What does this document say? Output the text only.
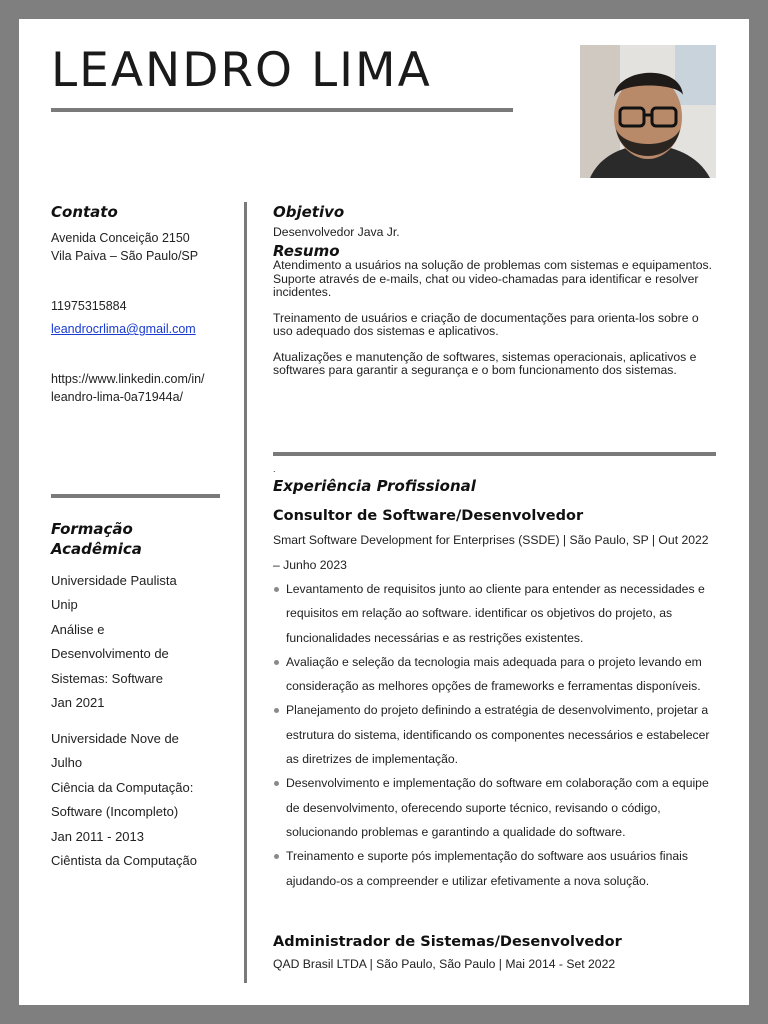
LEANDRO LIMA
Contato
Avenida Conceição 2150
Vila Paiva – São Paulo/SP
11975315884
leandrocrlima@gmail.com
https://www.linkedin.com/in/
leandro-lima-0a71944a/
Formação
Acadêmica
Universidade Paulista
Unip
Análise e
Desenvolvimento de
Sistemas: Software
Jan 2021
Universidade Nove de
Julho
Ciência da Computação:
Software (Incompleto)
Jan 2011 - 2013
Ciêntista da Computação
Objetivo
Desenvolvedor Java Jr.
Resumo

Atendimento a usuários na solução de problemas com sistemas e equipamentos. Suporte através de e-mails, chat ou video-chamadas para identificar e resolver incidentes.

Treinamento de usuários e criação de documentações para orienta-los sobre o uso adequado dos sistemas e aplicativos.

Atualizações e manutenção de softwares, sistemas operacionais, aplicativos e softwares para garantir a segurança e o bom funcionamento dos sistemas.

.
Experiência Profissional
Consultor de Software/Desenvolvedor
Smart Software Development for Enterprises (SSDE) | São Paulo, SP | Out 2022 – Junho 2023
Levantamento de requisitos junto ao cliente para entender as necessidades e requisitos em relação ao software. identificar os objetivos do projeto, as funcionalidades necessárias e as restrições existentes.
Avaliação e seleção da tecnologia mais adequada para o projeto levando em consideração as melhores opções de frameworks e ferramentas disponíveis.
Planejamento do projeto definindo a estratégia de desenvolvimento, projetar a estrutura do sistema, identificando os componentes necessários e estabelecer as diretrizes de implementação.
Desenvolvimento e implementação do software em colaboração com a equipe de desenvolvimento, oferecendo suporte técnico, revisando o código, solucionando problemas e garantindo a qualidade do software.
Treinamento e suporte pós implementação do software aos usuários finais ajudando-os a compreender e utilizar efetivamente a nova solução.
Administrador de Sistemas/Desenvolvedor
QAD Brasil LTDA | São Paulo, São Paulo | Mai 2014 - Set 2022
